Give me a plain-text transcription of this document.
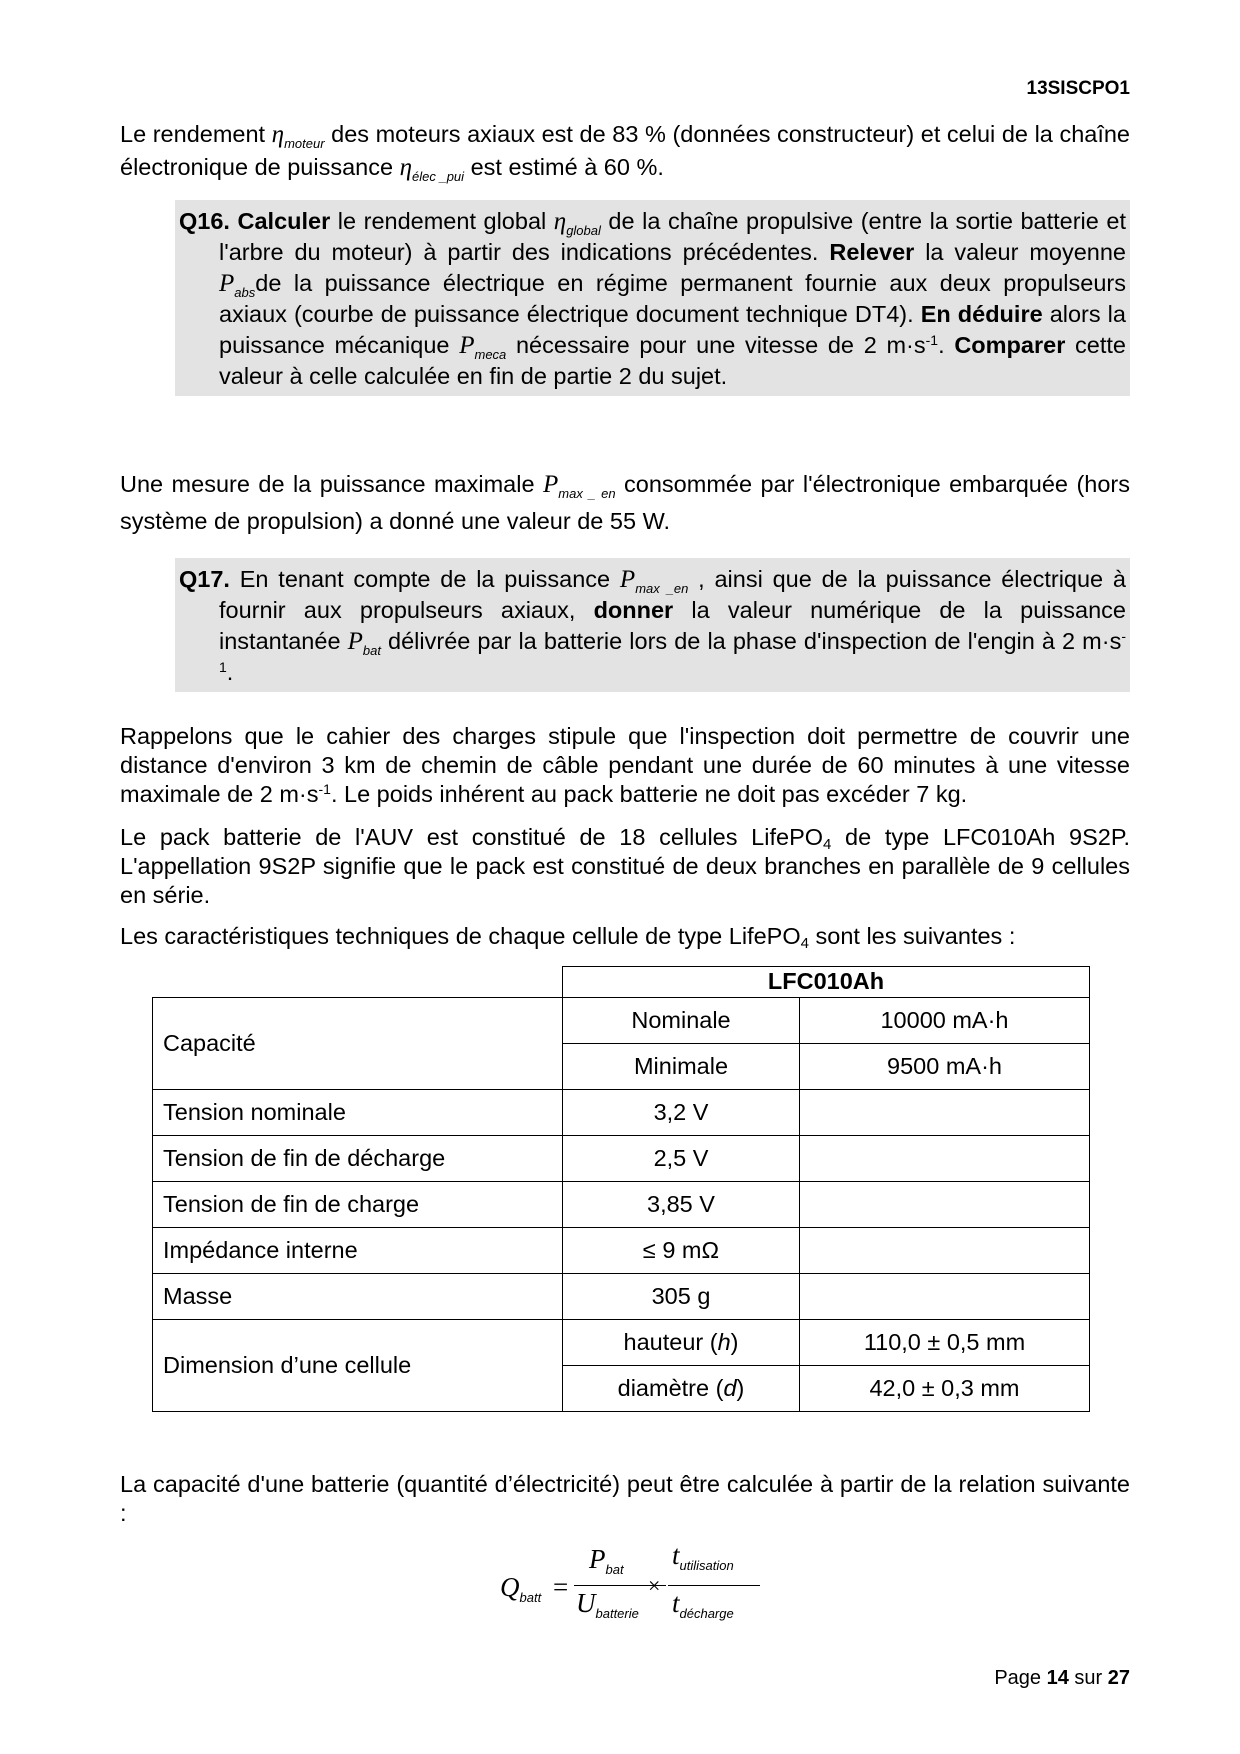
13SISCPO1

Le rendement $\eta_{moteur}$ des moteurs axiaux est de 83 % (données constructeur) et celui de la chaîne électronique de puissance $\eta_{élec \_pui}$ est estimé à 60 %.

Q16. Calculer le rendement global $\eta_{global}$ de la chaîne propulsive (entre la sortie batterie et l'arbre du moteur) à partir des indications précédentes. Relever la valeur moyenne $P_{abs}de$ la puissance électrique en régime permanent fournie aux deux propulseurs axiaux (courbe de puissance électrique document technique DT4). En déduire alors la puissance mécanique $P_{meca}$ nécessaire pour une vitesse de 2 $m\cdot s^{-1}$. Comparer cette valeur à celle calculée en fin de partie 2 du sujet.

Une mesure de la puissance maximale $P_{max \_ en}$ consommée par l'électronique embarquée (hors système de propulsion) a donné une valeur de 55 W.

Q17. En tenant compte de la puissance $P_{max \_en}$ , ainsi que de la puissance électrique à fournir aux propulseurs axiaux, donner la valeur numérique de la puissance instantanée $P_{bat}$ délivrée par la batterie lors de la phase d'inspection de l'engin à 2 $m\cdot s^{-1}$.

Rappelons que le cahier des charges stipule que l'inspection doit permettre de couvrir une distance d'environ 3 km de chemin de câble pendant une durée de 60 minutes à une vitesse maximale de 2 $m\cdot s^{-1}$. Le poids inhérent au pack batterie ne doit pas excéder 7 kg.

Le pack batterie de l'AUV est constitué de 18 cellules LifePO$_4$ de type LFC010Ah 9S2P. L'appellation 9S2P signifie que le pack est constitué de deux branches en parallèle de 9 cellules en série.

Les caractéristiques techniques de chaque cellule de type LifePO$_4$ sont les suivantes :

	LFC010Ah	
Capacité	Nominale	10000 mA·h
	Minimale	9500 mA·h
Tension nominale	3,2 V	
Tension de fin de décharge	2,5 V	
Tension de fin de charge	3,85 V	
Impédance interne	≤ 9 mΩ	
Masse	305 g	
Dimension d’une cellule	hauteur (h)	110,0 ± 0,5 mm
	diamètre (d)	42,0 ± 0,3 mm

La capacité d'une batterie (quantité d’électricité) peut être calculée à partir de la relation suivante :

$Q_{batt}$ =
$P_{bat}$
$U_{batterie}$
×
$t_{utilisation}$
$t_{décharge}$
Page 14 sur 27
